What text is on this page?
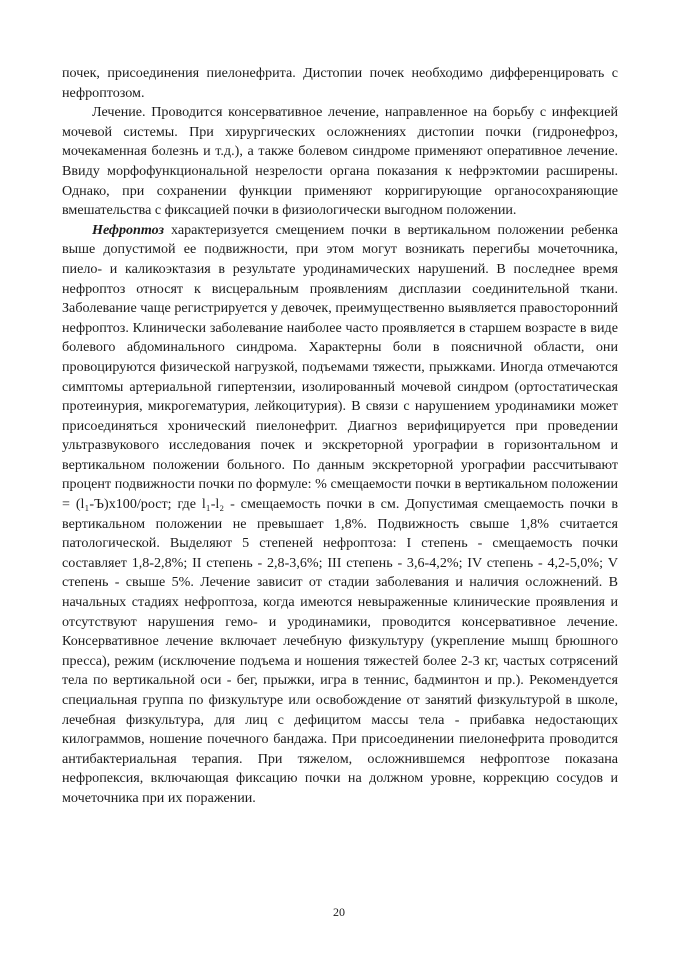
почек, присоединения пиелонефрита. Дистопии почек необходимо дифференцировать с нефроптозом.

Лечение. Проводится консервативное лечение, направленное на борьбу с инфекцией мочевой системы. При хирургических осложнениях дистопии почки (гидронефроз, мочекаменная болезнь и т.д.), а также болевом синдроме применяют оперативное лечение. Ввиду морфофункциональной незрелости органа показания к нефрэктомии расширены. Однако, при сохранении функции применяют корригирующие органосохраняющие вмешательства с фиксацией почки в физиологически выгодном положении.

Нефроптоз характеризуется смещением почки в вертикальном положении ребенка выше допустимой ее подвижности, при этом могут возникать перегибы мочеточника, пиело- и каликоэктазия в результате уродинамических нарушений. В последнее время нефроптоз относят к висцеральным проявлениям дисплазии соединительной ткани. Заболевание чаще регистрируется у девочек, преимущественно выявляется правосторонний нефроптоз. Клинически заболевание наиболее часто проявляется в старшем возрасте в виде болевого абдоминального синдрома. Характерны боли в поясничной области, они провоцируются физической нагрузкой, подъемами тяжести, прыжками. Иногда отмечаются симптомы артериальной гипертензии, изолированный мочевой синдром (ортостатическая протеинурия, микрогематурия, лейкоцитурия). В связи с нарушением уродинамики может присоединяться хронический пиелонефрит. Диагноз верифицируется при проведении ультразвукового исследования почек и экскреторной урографии в горизонтальном и вертикальном положении больного. По данным экскреторной урографии рассчитывают процент подвижности почки по формуле: % смещаемости почки в вертикальном положении = (l₁-Ъ)х100/рост; где l₁-l₂ - смещаемость почки в см. Допустимая смещаемость почки в вертикальном положении не превышает 1,8%. Подвижность свыше 1,8% считается патологической. Выделяют 5 степеней нефроптоза: I степень - смещаемость почки составляет 1,8-2,8%; II степень - 2,8-3,6%; III степень - 3,6-4,2%; IV степень - 4,2-5,0%; V степень - свыше 5%. Лечение зависит от стадии заболевания и наличия осложнений. В начальных стадиях нефроптоза, когда имеются невыраженные клинические проявления и отсутствуют нарушения гемо- и уродинамики, проводится консервативное лечение. Консервативное лечение включает лечебную физкультуру (укрепление мышц брюшного прессa), режим (исключение подъема и ношения тяжестей более 2-3 кг, частых сотрясений тела по вертикальной оси - бег, прыжки, игра в теннис, бадминтон и пр.). Рекомендуется специальная группа по физкультуре или освобождение от занятий физкультурой в школе, лечебная физкультура, для лиц с дефицитом массы тела - прибавка недостающих килограммов, ношение почечного бандажа. При присоединении пиелонефрита проводится антибактериальная терапия. При тяжелом, осложнившемся нефроптозе показана нефропексия, включающая фиксацию почки на должном уровне, коррекцию сосудов и мочеточника при их поражении.

20
